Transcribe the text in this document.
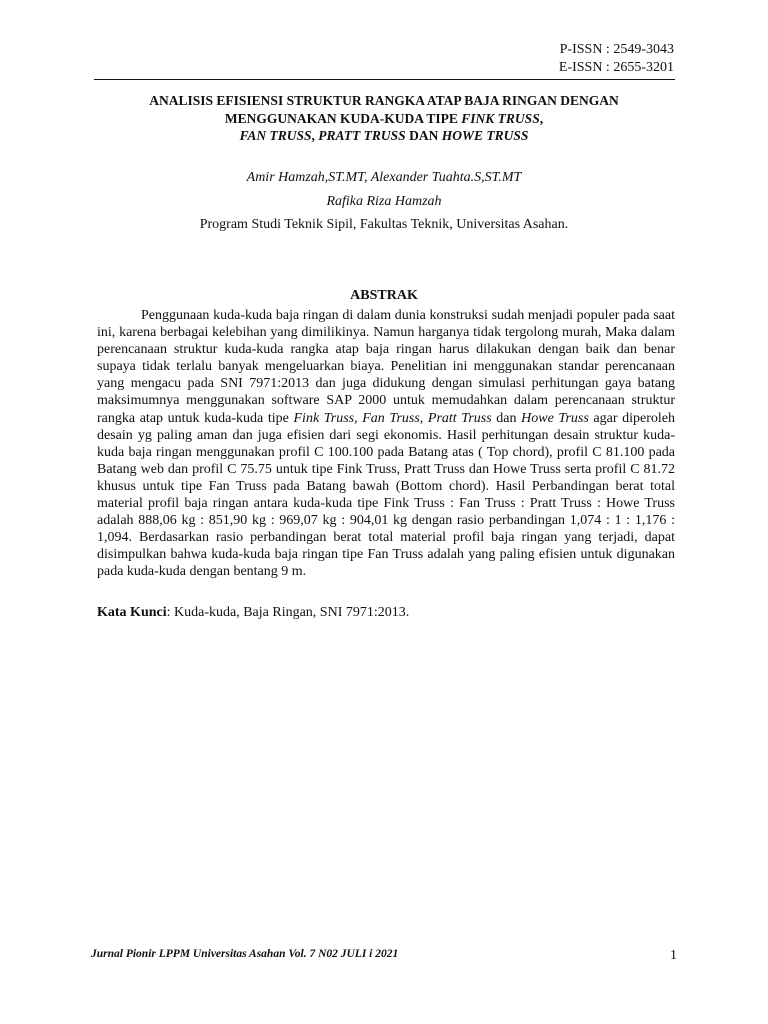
P-ISSN : 2549-3043
E-ISSN : 2655-3201
ANALISIS EFISIENSI STRUKTUR RANGKA ATAP BAJA RINGAN DENGAN
MENGGUNAKAN KUDA-KUDA TIPE FINK TRUSS,
FAN TRUSS, PRATT TRUSS DAN HOWE TRUSS
Amir Hamzah,ST.MT, Alexander Tuahta.S,ST.MT
Rafika Riza Hamzah
Program Studi Teknik Sipil, Fakultas Teknik, Universitas Asahan.
ABSTRAK

Penggunaan kuda-kuda baja ringan di dalam dunia konstruksi sudah menjadi populer pada saat ini, karena berbagai kelebihan yang dimilikinya. Namun harganya tidak tergolong murah, Maka dalam perencanaan struktur kuda-kuda rangka atap baja ringan harus dilakukan dengan baik dan benar supaya tidak terlalu banyak mengeluarkan biaya. Penelitian ini menggunakan standar perencanaan yang mengacu pada SNI 7971:2013 dan juga didukung dengan simulasi perhitungan gaya batang maksimumnya menggunakan software SAP 2000 untuk memudahkan dalam perencanaan struktur rangka atap untuk kuda-kuda tipe Fink Truss, Fan Truss, Pratt Truss dan Howe Truss agar diperoleh desain yg paling aman dan juga efisien dari segi ekonomis. Hasil perhitungan desain struktur kuda-kuda baja ringan menggunakan profil C 100.100 pada Batang atas ( Top chord), profil C 81.100 pada Batang web dan profil C 75.75 untuk tipe Fink Truss, Pratt Truss dan Howe Truss serta profil C 81.72 khusus untuk tipe Fan Truss pada Batang bawah (Bottom chord). Hasil Perbandingan berat total material profil baja ringan antara kuda-kuda tipe Fink Truss : Fan Truss : Pratt Truss : Howe Truss adalah 888,06 kg : 851,90 kg : 969,07 kg : 904,01 kg dengan rasio perbandingan 1,074 : 1 : 1,176 : 1,094. Berdasarkan rasio perbandingan berat total material profil baja ringan yang terjadi, dapat disimpulkan bahwa kuda-kuda baja ringan tipe Fan Truss adalah yang paling efisien untuk digunakan pada kuda-kuda dengan bentang 9 m.

Kata Kunci: Kuda-kuda, Baja Ringan, SNI 7971:2013.
Jurnal Pionir LPPM Universitas Asahan Vol. 7 N02 JULI i 2021	1
